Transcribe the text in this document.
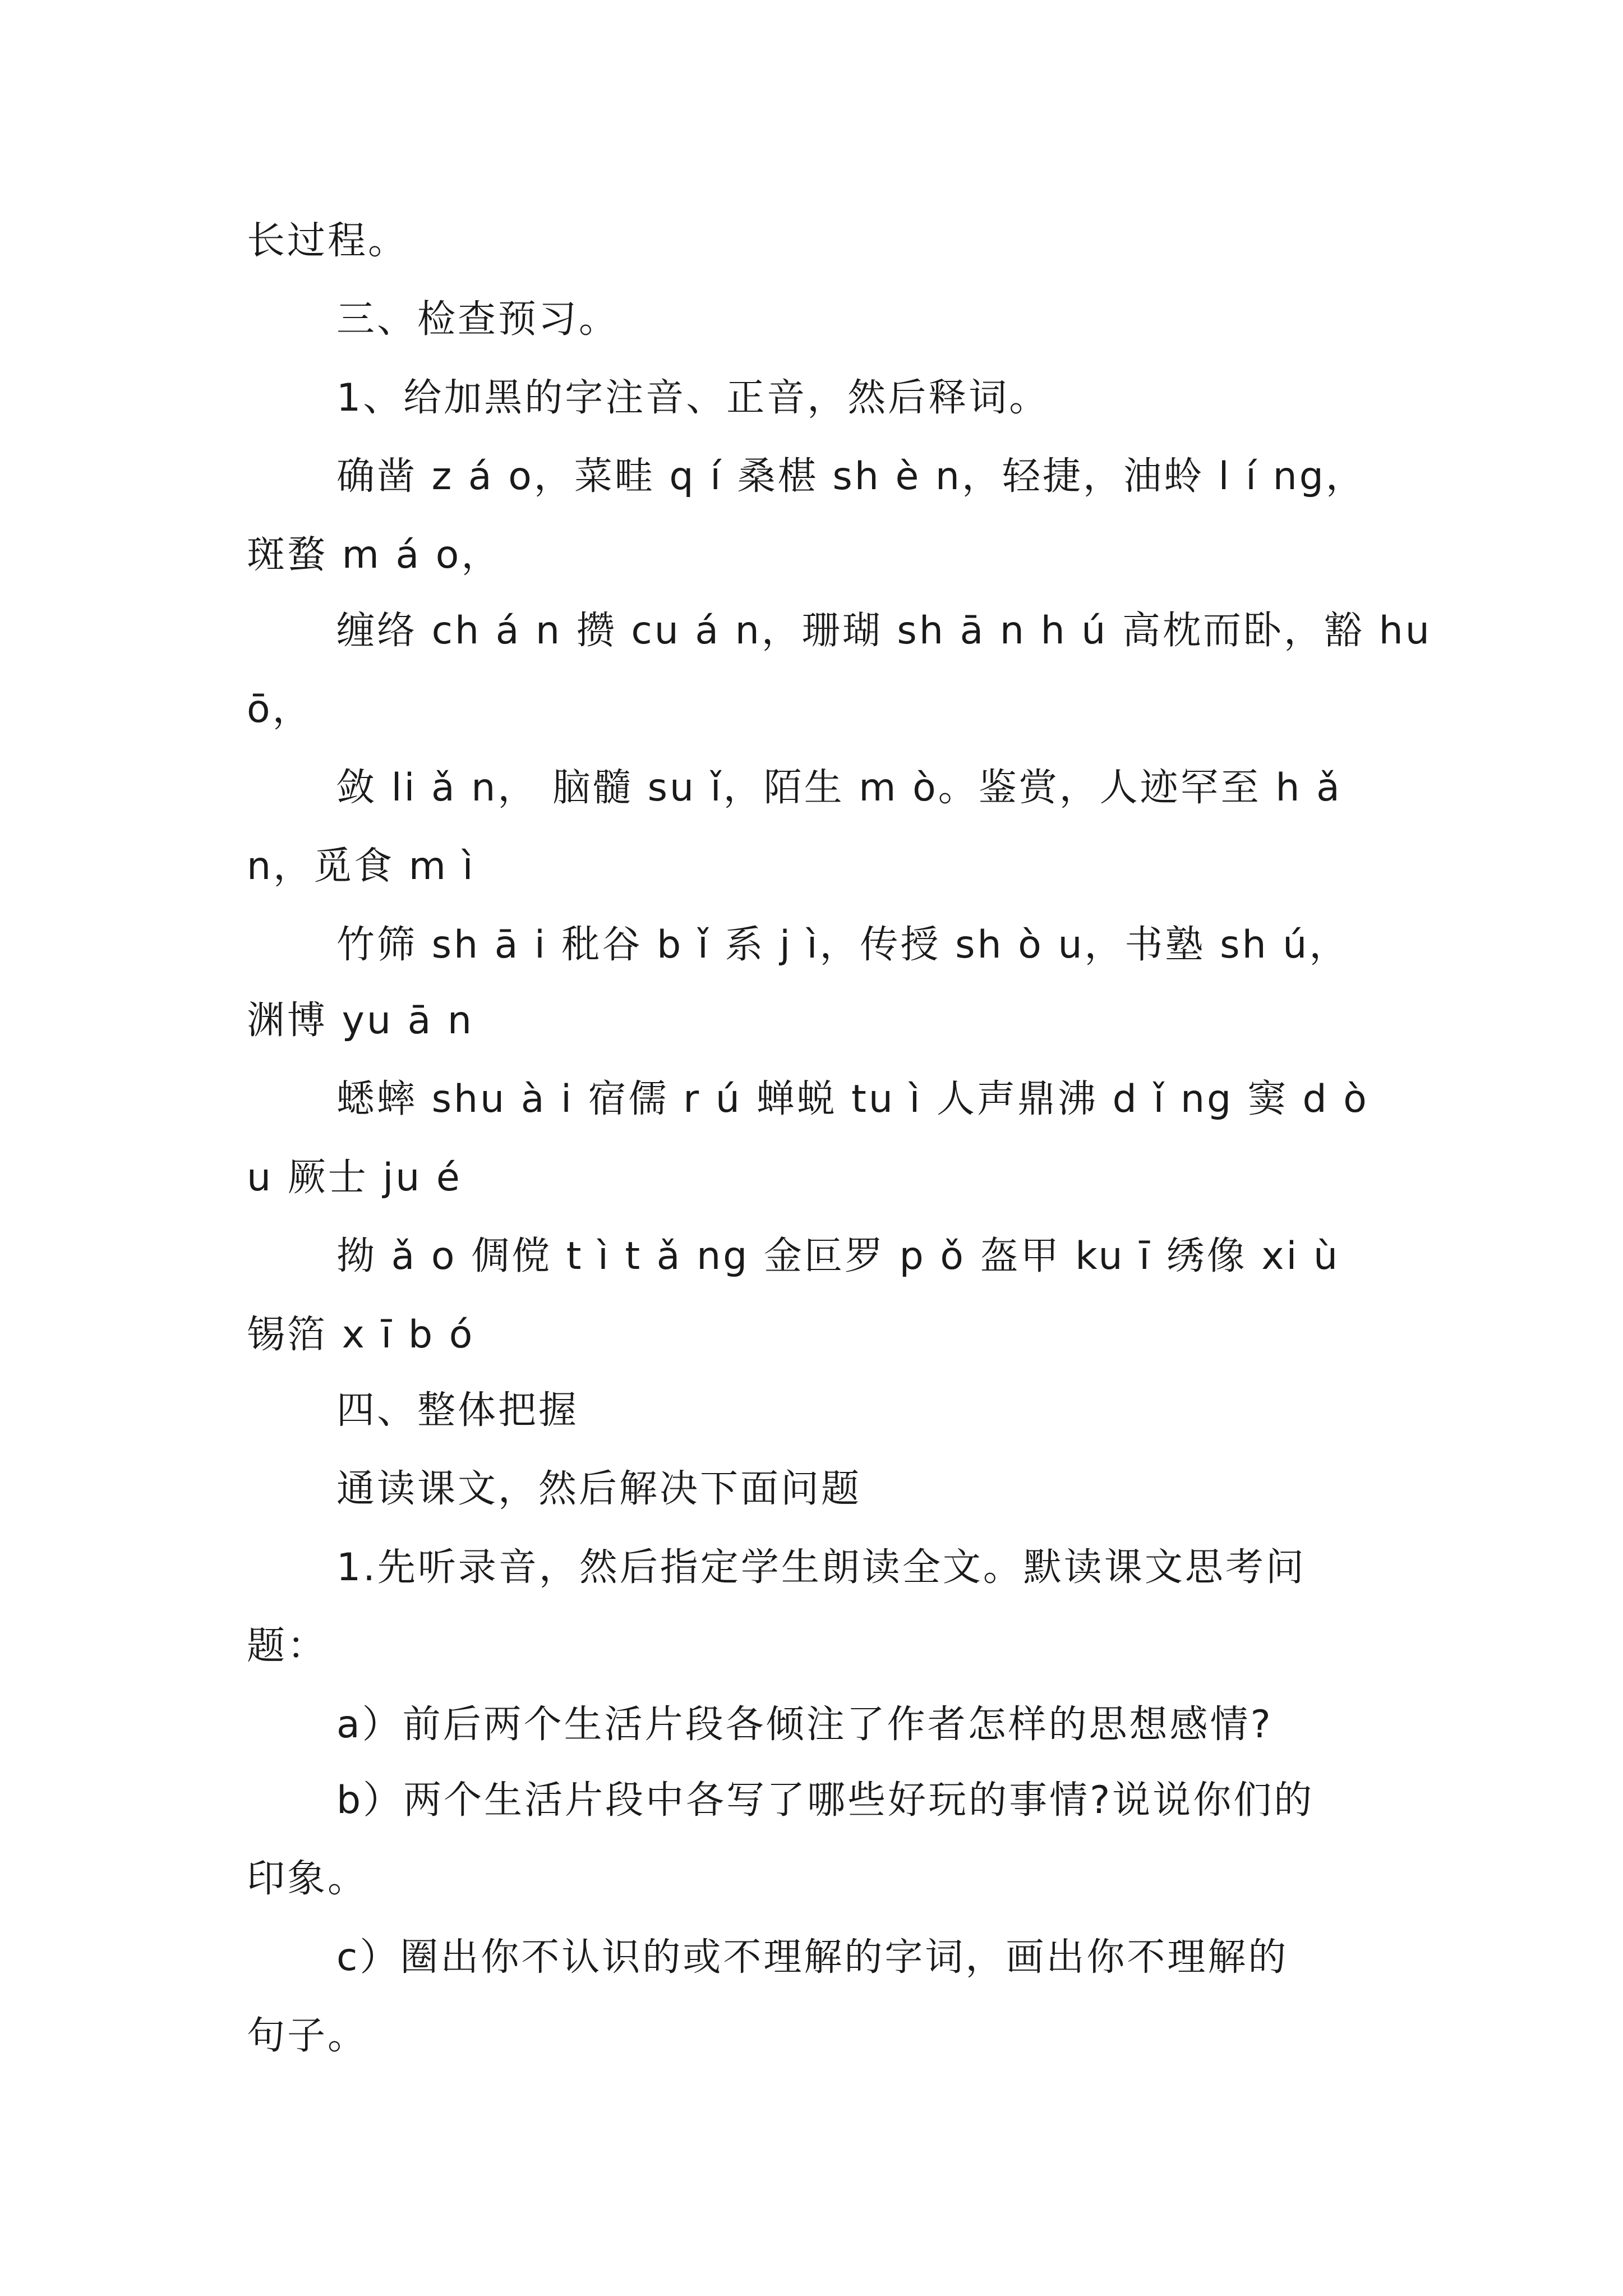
长过程。
三、检查预习。
1、给加黑的字注音、正音，然后释词。
确凿 z á o，菜畦 q í 桑椹 sh è n，轻捷，油蛉 l í ng，
斑蝥 m á o，
缠络 ch á n 攒 cu á n，珊瑚 sh ā n h ú 高枕而卧，豁 hu
ō，
敛 li ǎ n， 脑髓 su ǐ，陌生 m ò。鉴赏，人迹罕至 h ǎ
n，觅食 m ì
竹筛 sh ā i 秕谷 b ǐ 系 j ì，传授 sh ò u，书塾 sh ú，
渊博 yu ā n
蟋蟀 shu à i 宿儒 r ú 蝉蜕 tu ì 人声鼎沸 d ǐ ng 窦 d ò
u 厥士 ju é
拗 ǎ o 倜傥 t ì t ǎ ng 金叵罗 p ǒ 盔甲 ku ī 绣像 xi ù
锡箔 x ī b ó
四、整体把握
通读课文，然后解决下面问题
1.先听录音，然后指定学生朗读全文。默读课文思考问
题：
a）前后两个生活片段各倾注了作者怎样的思想感情?
b）两个生活片段中各写了哪些好玩的事情?说说你们的
印象。
c）圈出你不认识的或不理解的字词，画出你不理解的
句子。
